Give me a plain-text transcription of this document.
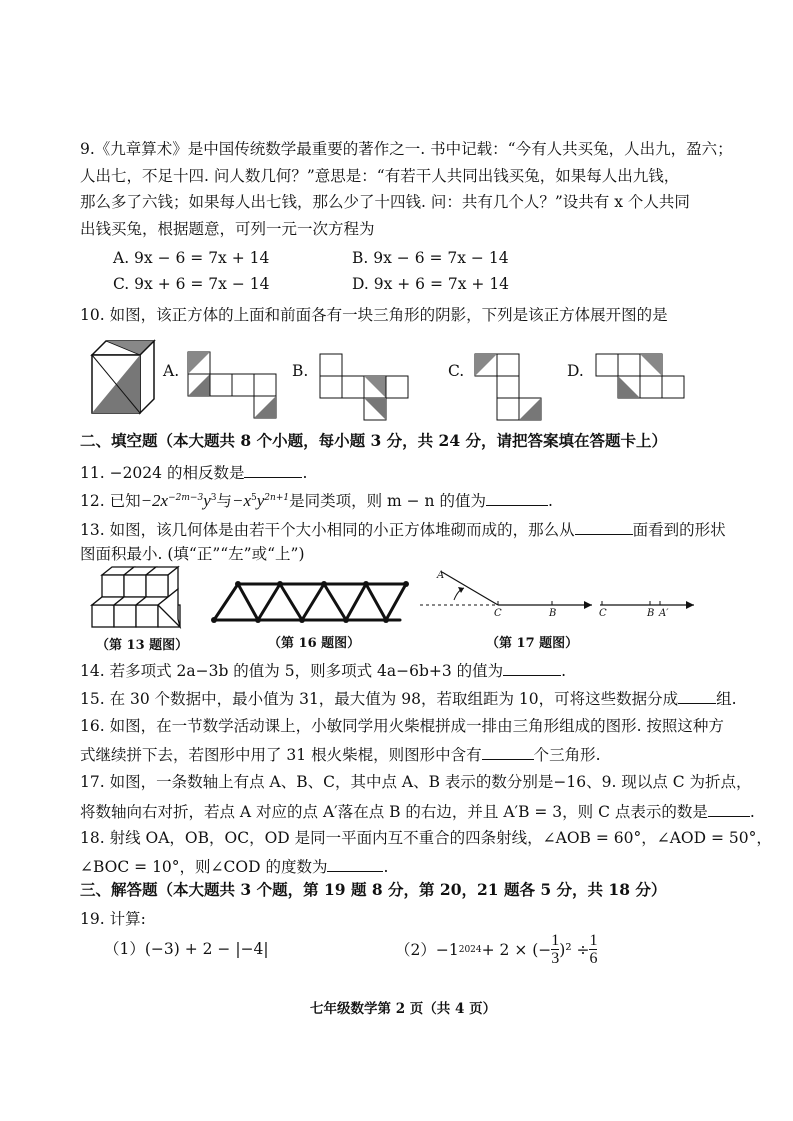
9.《九章算术》是中国传统数学最重要的著作之一. 书中记载：“今有人共买兔，人出九，盈六；
人出七，不足十四. 问人数几何？”意思是：“有若干人共同出钱买兔，如果每人出九钱，
那么多了六钱；如果每人出七钱，那么少了十四钱. 问：共有几个人？”设共有 x 个人共同
出钱买兔，根据题意，可列一元一次方程为
A. 9x − 6 = 7x + 14	B. 9x − 6 = 7x − 14
C. 9x + 6 = 7x − 14	D. 9x + 6 = 7x + 14
10. 如图，该正方体的上面和前面各有一块三角形的阴影，下列是该正方体展开图的是
A.	B.	C.	D.
二、填空题（本大题共 8 个小题，每小题 3 分，共 24 分，请把答案填在答题卡上）
11. −2024 的相反数是	.
12. 已知$-2x^{-2m-3}y^3$与$-x^5y^{2n+1}$是同类项，则 m − n 的值为	.
13. 如图，该几何体是由若干个大小相同的小正方体堆砌而成的，那么从	面看到的形状
图面积最小. (填“正”“左”或“上”)
（第 13 题图）	（第 16 题图）
A
C	B	C	B A′
（第 17 题图）
14. 若多项式 2a−3b 的值为 5，则多项式 4a−6b+3 的值为	.
15. 在 30 个数据中，最小值为 31，最大值为 98，若取组距为 10，可将这些数据分成 组.
16. 如图，在一节数学活动课上，小敏同学用火柴棍拼成一排由三角形组成的图形. 按照这种方
式继续拼下去，若图形中用了 31 根火柴棍，则图形中含有	个三角形.
17. 如图，一条数轴上有点 A、B、C，其中点 A、B 表示的数分别是−16、9. 现以点 C 为折点，
将数轴向右对折，若点 A 对应的点 A′落在点 B 的右边，并且 A′B = 3，则 C 点表示的数是	.
18. 射线 OA，OB，OC，OD 是同一平面内互不重合的四条射线，∠AOB = 60°，∠AOD = 50°，
∠BOC = 10°，则∠COD 的度数为	.
三、解答题（本大题共 3 个题，第 19 题 8 分，第 20，21 题各 5 分，共 18 分）
19. 计算:
（1）(−3) + 2 − |−4|	（2）−1 2024 + 2 × (− $\frac{1}{3} )^2 \div \frac{1}{6}$
七年级数学第 2 页（共 4 页）
